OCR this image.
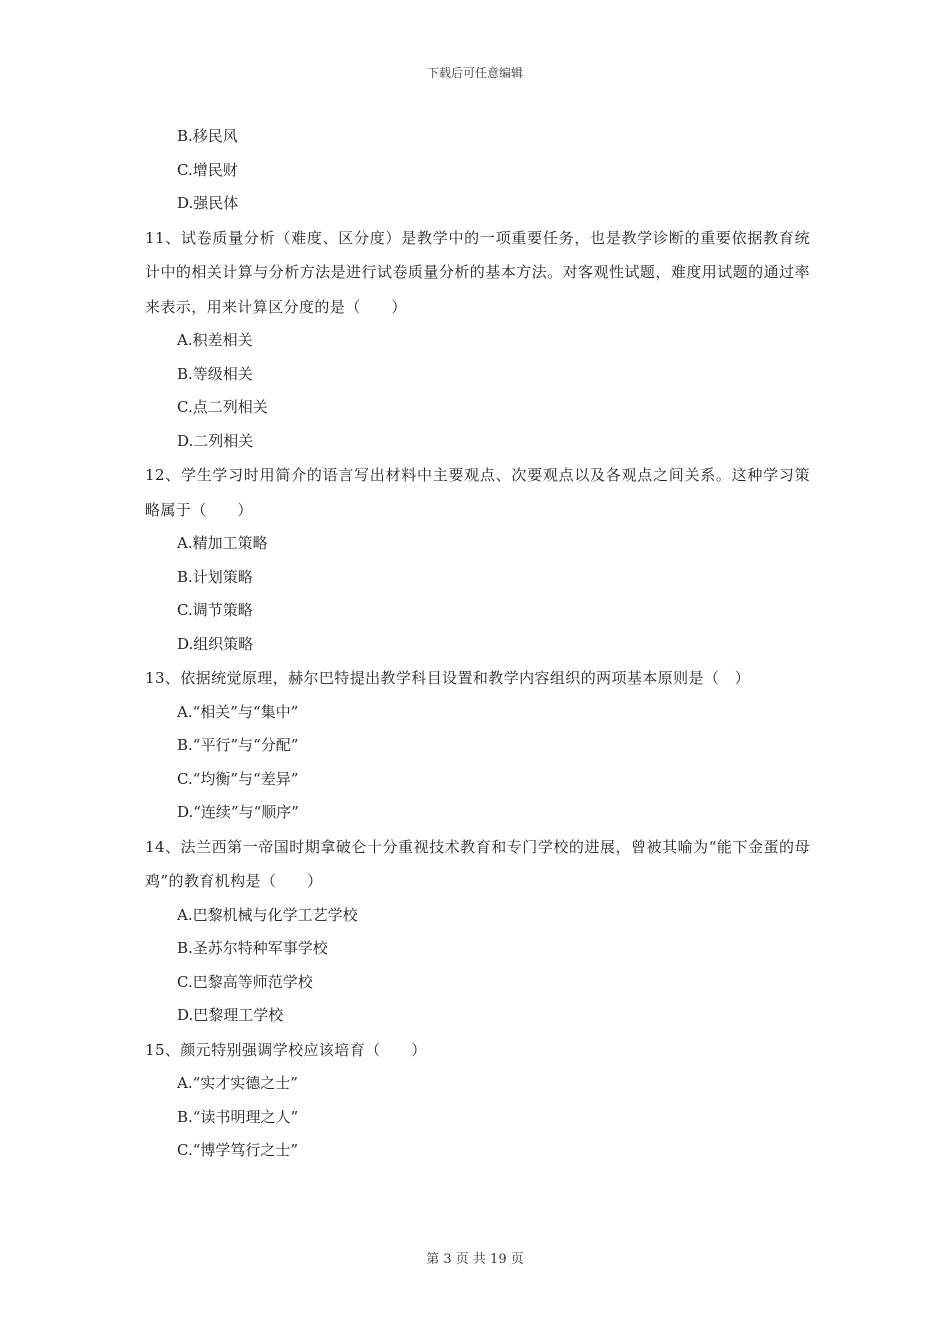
下载后可任意编辑
B.移民风
C.增民财
D.强民体
11、试卷质量分析（难度、区分度）是教学中的一项重要任务，也是教学诊断的重要依据教育统计中的相关计算与分析方法是进行试卷质量分析的基本方法。对客观性试题，难度用试题的通过率来表示，用来计算区分度的是（　　）
A.积差相关
B.等级相关
C.点二列相关
D.二列相关
12、学生学习时用简介的语言写出材料中主要观点、次要观点以及各观点之间关系。这种学习策略属于（　　）
A.精加工策略
B.计划策略
C.调节策略
D.组织策略
13、依据统觉原理，赫尔巴特提出教学科目设置和教学内容组织的两项基本原则是（　）
A.“相关”与“集中”
B.“平行”与“分配”
C.“均衡”与“差异”
D.“连续”与“顺序”
14、法兰西第一帝国时期拿破仑十分重视技术教育和专门学校的进展，曾被其喻为“能下金蛋的母鸡”的教育机构是（　　）
A.巴黎机械与化学工艺学校
B.圣苏尔特种军事学校
C.巴黎高等师范学校
D.巴黎理工学校
15、颜元特别强调学校应该培育（　　）
A.“实才实德之士”
B.“读书明理之人”
C.“博学笃行之士”
第 3 页 共 19 页
